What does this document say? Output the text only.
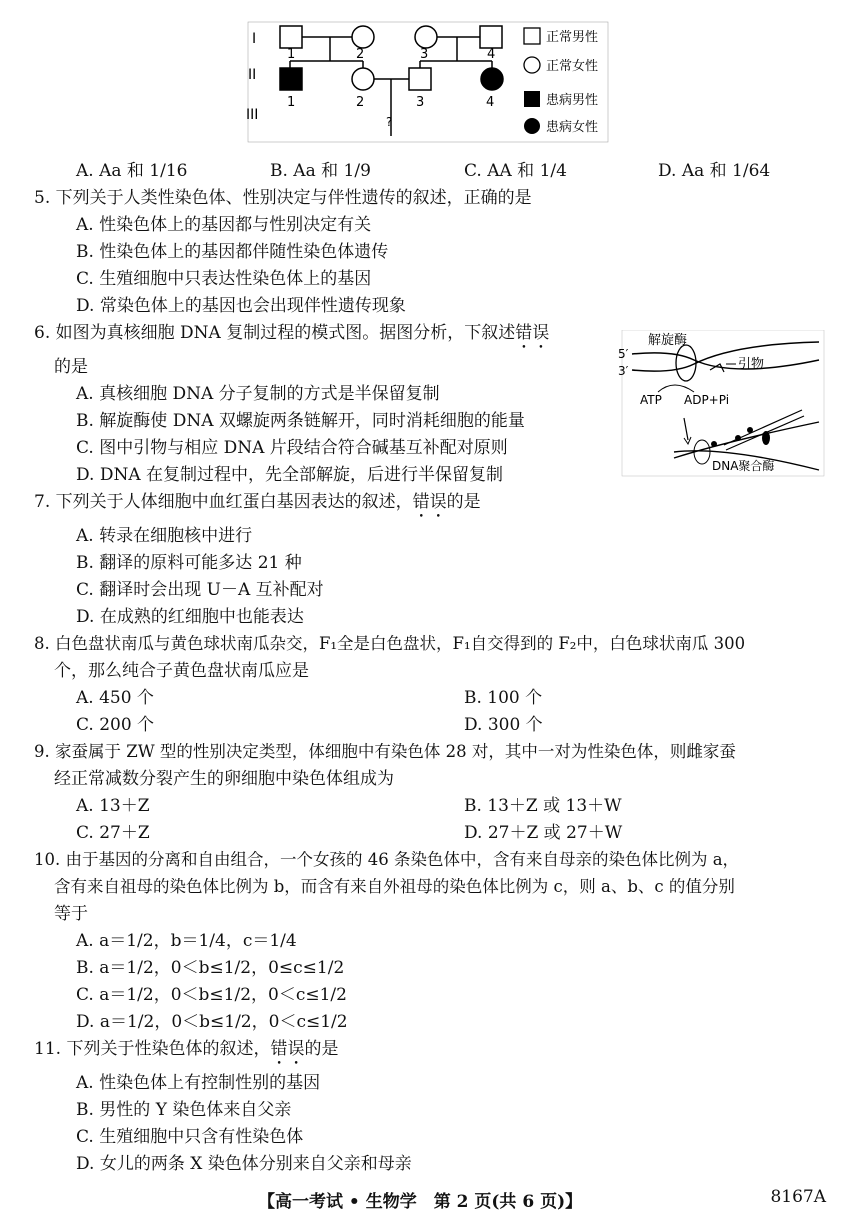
I
II
III
1	2	3	4
1	2	3	4
?
正常男性
正常女性
患病男性
患病女性
A. Aa 和 1/16	B. Aa 和 1/9	C. AA 和 1/4	D. Aa 和 1/64
5. 下列关于人类性染色体、性别决定与伴性遗传的叙述，正确的是
A. 性染色体上的基因都与性别决定有关
B. 性染色体上的基因都伴随性染色体遗传
C. 生殖细胞中只表达性染色体上的基因
D. 常染色体上的基因也会出现伴性遗传现象
6. 如图为真核细胞 DNA 复制过程的模式图。据图分析，下叙述错误
的是
A. 真核细胞 DNA 分子复制的方式是半保留复制
B. 解旋酶使 DNA 双螺旋两条链解开，同时消耗细胞的能量
C. 图中引物与相应 DNA 片段结合符合碱基互补配对原则
D. DNA 在复制过程中，先全部解旋，后进行半保留复制
解旋酶
5′
3′	引物
ATP ADP+Pi
DNA聚合酶
7. 下列关于人体细胞中血红蛋白基因表达的叙述，错误的是
A. 转录在细胞核中进行
B. 翻译的原料可能多达 21 种
C. 翻译时会出现 U－A 互补配对
D. 在成熟的红细胞中也能表达
8. 白色盘状南瓜与黄色球状南瓜杂交，F₁全是白色盘状，F₁自交得到的 F₂中，白色球状南瓜 300
个，那么纯合子黄色盘状南瓜应是
A. 450 个	B. 100 个
C. 200 个	D. 300 个
9. 家蚕属于 ZW 型的性别决定类型，体细胞中有染色体 28 对，其中一对为性染色体，则雌家蚕
经正常减数分裂产生的卵细胞中染色体组成为
A. 13＋Z	B. 13＋Z 或 13＋W
C. 27＋Z	D. 27＋Z 或 27＋W
10. 由于基因的分离和自由组合，一个女孩的 46 条染色体中，含有来自母亲的染色体比例为 a，
含有来自祖母的染色体比例为 b，而含有来自外祖母的染色体比例为 c，则 a、b、c 的值分别
等于
A. a＝1/2，b＝1/4，c＝1/4
B. a＝1/2，0＜b≤1/2，0≤c≤1/2
C. a＝1/2，0＜b≤1/2，0＜c≤1/2
D. a＝1/2，0＜b≤1/2，0＜c≤1/2
11. 下列关于性染色体的叙述，错误的是
A. 性染色体上有控制性别的基因
B. 男性的 Y 染色体来自父亲
C. 生殖细胞中只含有性染色体
D. 女儿的两条 X 染色体分别来自父亲和母亲
【高一考试 • 生物学　第 2 页(共 6 页)】	8167A
